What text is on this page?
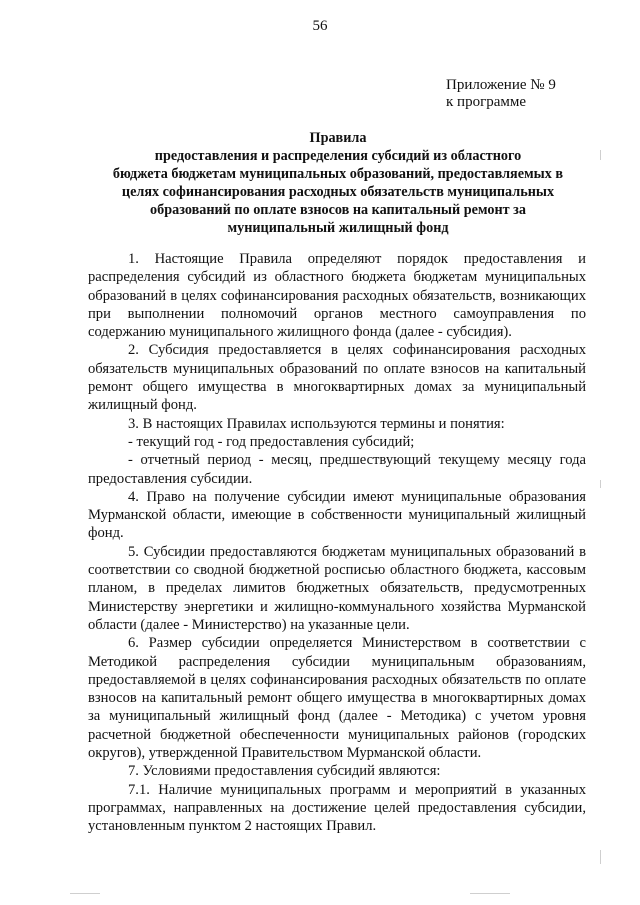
56
Приложение № 9
к программе
Правила
предоставления и распределения субсидий из областного
бюджета бюджетам муниципальных образований, предоставляемых в
целях софинансирования расходных обязательств муниципальных
образований по оплате взносов на капитальный ремонт за
муниципальный жилищный фонд

1. Настоящие Правила определяют порядок предоставления и распределения субсидий из областного бюджета бюджетам муниципальных образований в целях софинансирования расходных обязательств, возникающих при выполнении полномочий органов местного самоуправления по содержанию муниципального жилищного фонда (далее - субсидия).

2. Субсидия предоставляется в целях софинансирования расходных обязательств муниципальных образований по оплате взносов на капитальный ремонт общего имущества в многоквартирных домах за муниципальный жилищный фонд.

3. В настоящих Правилах используются термины и понятия:

- текущий год - год предоставления субсидий;

- отчетный период - месяц, предшествующий текущему месяцу года предоставления субсидии.

4. Право на получение субсидии имеют муниципальные образования Мурманской области, имеющие в собственности муниципальный жилищный фонд.

5. Субсидии предоставляются бюджетам муниципальных образований в соответствии со сводной бюджетной росписью областного бюджета, кассовым планом, в пределах лимитов бюджетных обязательств, предусмотренных Министерству энергетики и жилищно-коммунального хозяйства Мурманской области (далее - Министерство) на указанные цели.

6. Размер субсидии определяется Министерством в соответствии с Методикой распределения субсидии муниципальным образованиям, предоставляемой в целях софинансирования расходных обязательств по оплате взносов на капитальный ремонт общего имущества в многоквартирных домах за муниципальный жилищный фонд (далее - Методика) с учетом уровня расчетной бюджетной обеспеченности муниципальных районов (городских округов), утвержденной Правительством Мурманской области.

7. Условиями предоставления субсидий являются:

7.1. Наличие муниципальных программ и мероприятий в указанных программах, направленных на достижение целей предоставления субсидии, установленным пунктом 2 настоящих Правил.
